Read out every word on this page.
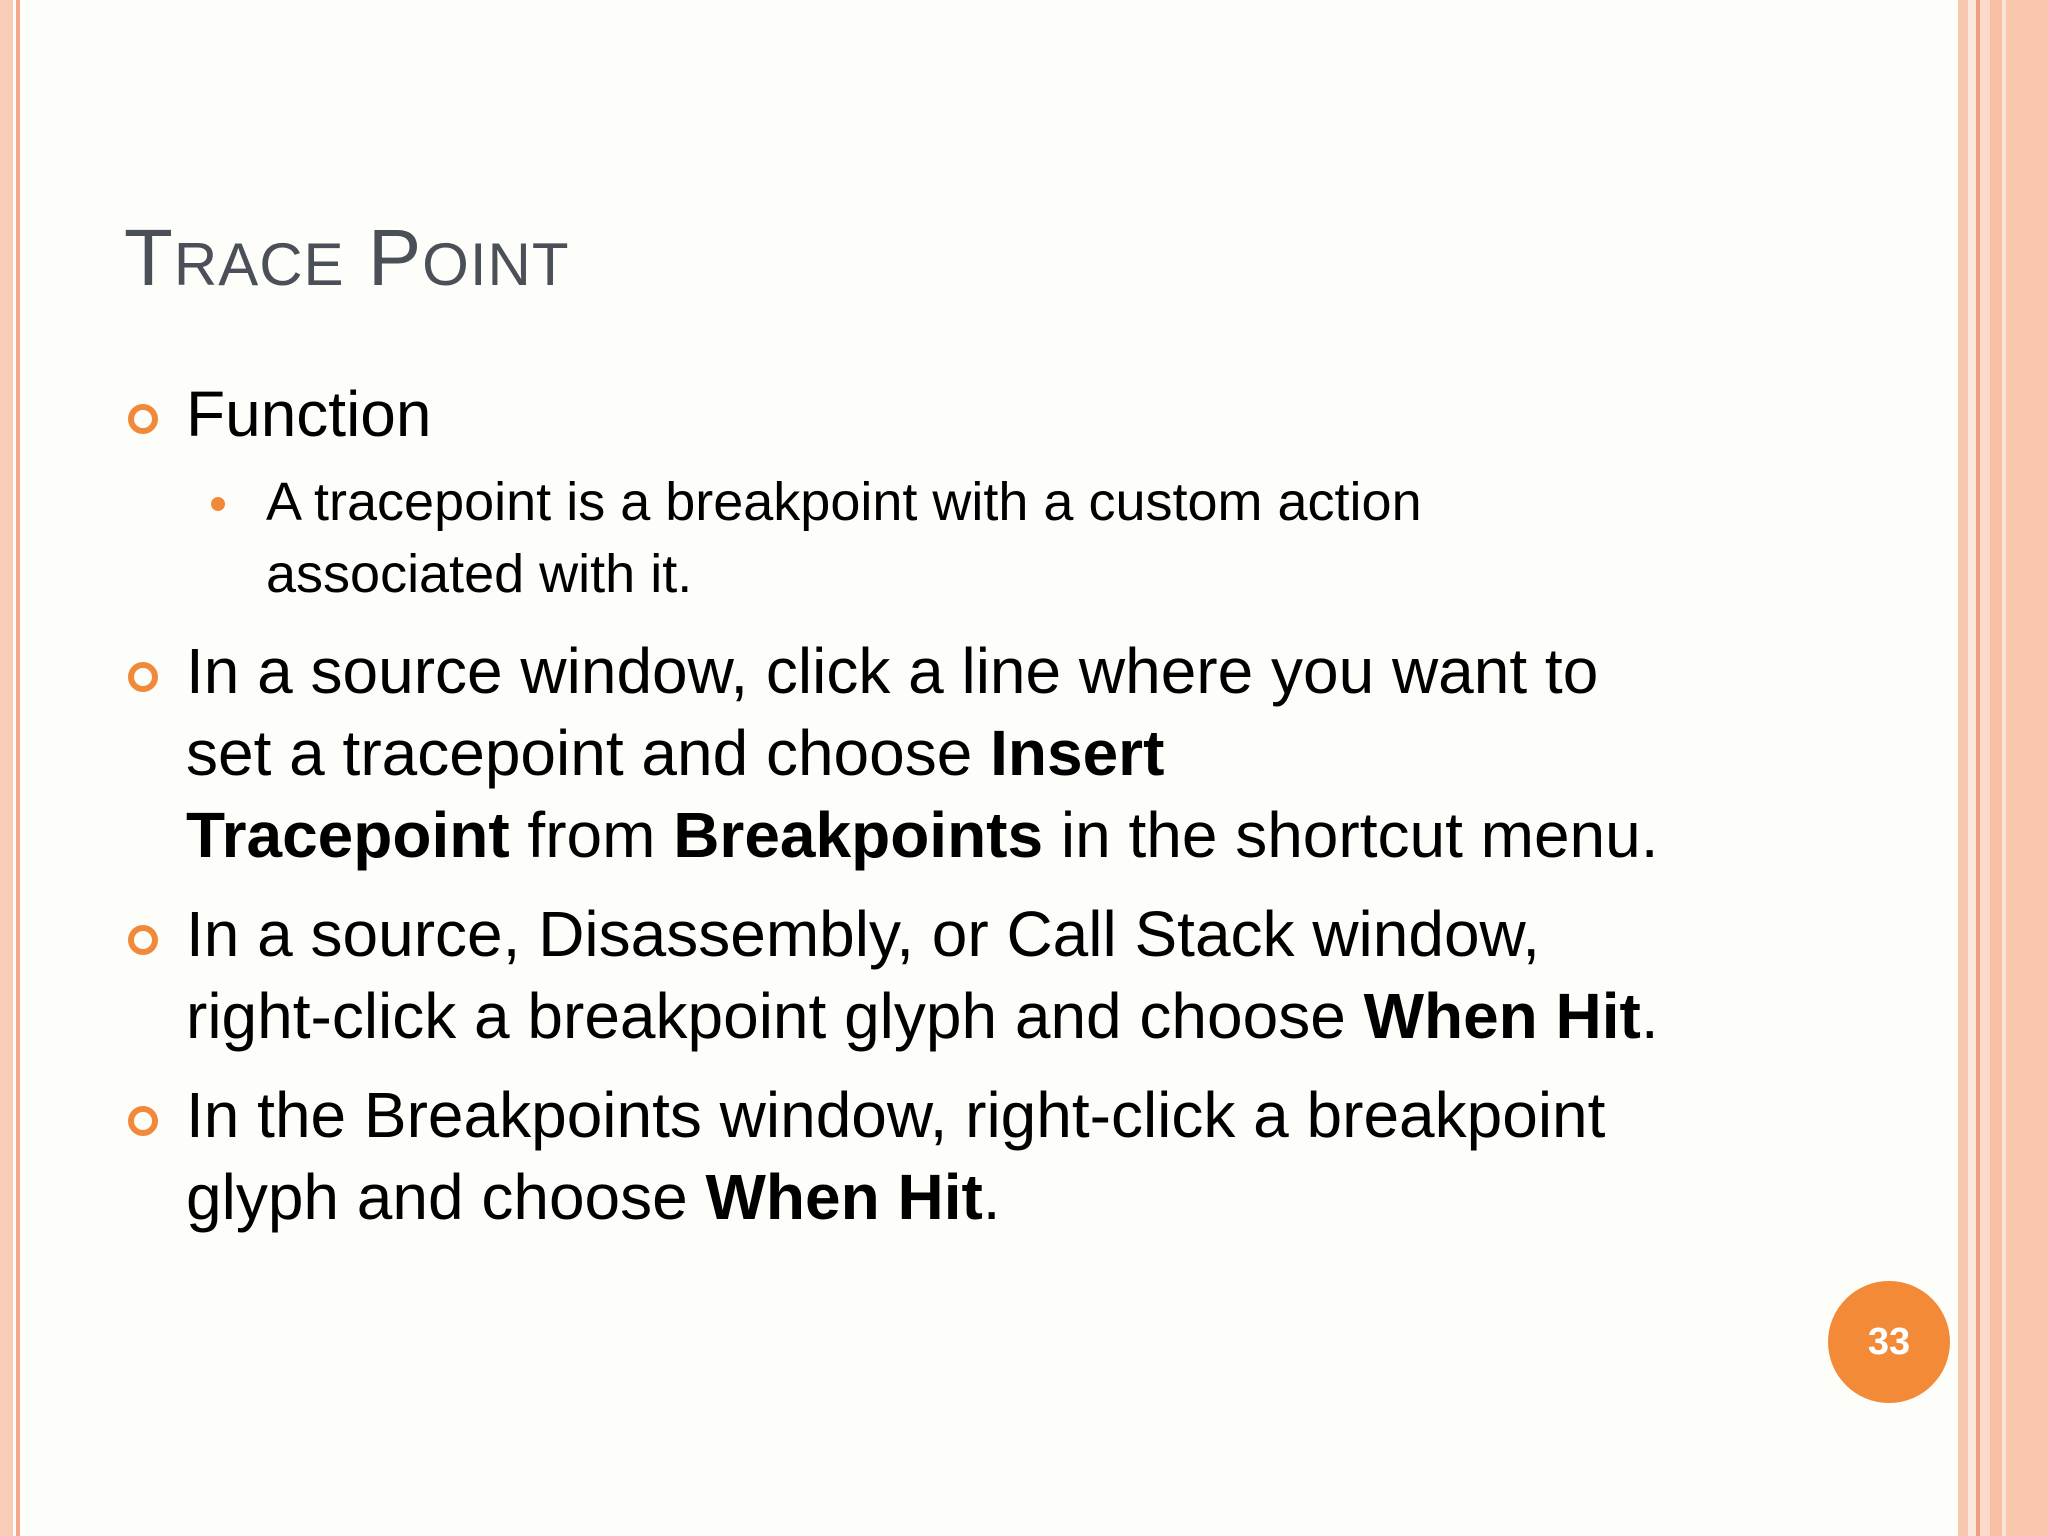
TRACE POINT

Function

A tracepoint is a breakpoint with a custom action

associated with it.

In a source window, click a line where you want to

set a tracepoint and choose Insert

Tracepoint from Breakpoints in the shortcut menu.

In a source, Disassembly, or Call Stack window,

right-click a breakpoint glyph and choose When Hit.

In the Breakpoints window, right-click a breakpoint

glyph and choose When Hit.

33
